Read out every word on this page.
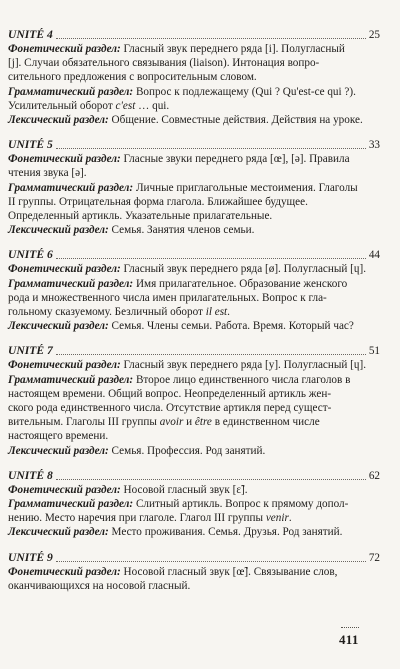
UNITÉ 4	25

Фонетический раздел: Гласный звук переднего ряда [i]. Полугласный
[j]. Случаи обязательного связывания (liaison). Интонация вопро-
сительного предложения с вопросительным словом.

Грамматический раздел: Вопрос к подлежащему (Qui ? Qu'est-ce qui ?).
Усилительный оборот c'est … qui.

Лексический раздел: Общение. Совместные действия. Действия на уроке.

UNITÉ 5	33

Фонетический раздел: Гласные звуки переднего ряда [œ], [ə]. Правила
чтения звука [ə].

Грамматический раздел: Личные приглагольные местоимения. Глаголы
II группы. Отрицательная форма глагола. Ближайшее будущее.
Определенный артикль. Указательные прилагательные.

Лексический раздел: Семья. Занятия членов семьи.

UNITÉ 6	44

Фонетический раздел: Гласный звук переднего ряда [ø]. Полугласный [ɥ].

Грамматический раздел: Имя прилагательное. Образование женского
рода и множественного числа имен прилагательных. Вопрос к гла-
гольному сказуемому. Безличный оборот il est.

Лексический раздел: Семья. Члены семьи. Работа. Время. Который час?

UNITÉ 7	51

Фонетический раздел: Гласный звук переднего ряда [y]. Полугласный [ɥ].

Грамматический раздел: Второе лицо единственного числа глаголов в
настоящем времени. Общий вопрос. Неопределенный артикль жен-
ского рода единственного числа. Отсутствие артикля перед сущест-
вительным. Глаголы III группы avoir и être в единственном числе
настоящего времени.

Лексический раздел: Семья. Профессия. Род занятий.

UNITÉ 8	62

Фонетический раздел: Носовой гласный звук [ɛ̃].

Грамматический раздел: Слитный артикль. Вопрос к прямому допол-
нению. Место наречия при глаголе. Глагол III группы venir.

Лексический раздел: Место проживания. Семья. Друзья. Род занятий.

UNITÉ 9	72

Фонетический раздел: Носовой гласный звук [œ̃]. Связывание слов,
оканчивающихся на носовой гласный.

411
